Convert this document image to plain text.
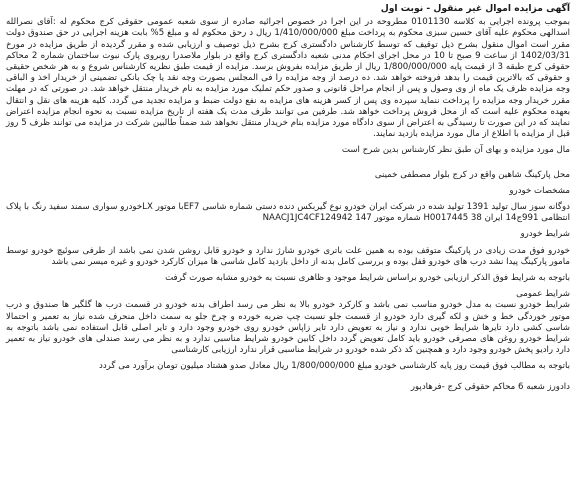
آگهی مزایده اموال غیر منقول - نوبت اول

بموجب پرونده اجرایی به کلاسه 0101130 مطروحه در این اجرا در خصوص اجرائیه صادره از سوی شعبه عمومی حقوقی کرج محکوم له :آقای نصرالله اسدالهی محکوم علیه آقای حسین سبزی محکوم به پرداخت مبلغ 1/410/000/000 ریال د رحق محکوم له و مبلغ 5% بابت هزینه اجرایی در حق صندوق دولت مقرر است اموال منقول بشرح ذیل توقیف که توسط کارشناس دادگستری کرج بشرح ذیل توصیف و ارزیابی شده و مقرر گردیده از طریق مزایده در مورخ 1402/03/31 از ساعت 9 صبح تا 10 در محل اجرای احکام مدنی شعبه دادگستری کرج واقع در بلوار ملاصدرا روبروی پارک نبوت ساختمان شماره 2 محاکم حقوقی کرج طبقه 3 از قیمت پایه 1/800/000/000 ریال از طریق مزایده بفروش برسد. مزایده از قیمت طبق نظریه کارشناس شروع و به هر شخص حقیقی و حقوقی که بالاترین قیمت را بدهد فروخته خواهد شد. ده درصد از وجه مزایده را فی المجلس بصورت وجه نقد یا چک بانکی تضمینی از خریدار اخذ و الباقی وجه مزایده ظرف یک ماه از وی وصول و پس از انجام مراحل قانونی و صدور حکم تملیک مورد مزایده به نام خریدار منتقل خواهد شد. در صورتی که در مهلت مقرر خریدار وجه مزایده را پرداخت ننماید سپرده وی پس از کسر هزینه های مزایده به نفع دولت ضبط و مزایده تجدید می گردد. کلیه هزینه های نقل و انتقال بعهده محکوم علیه است که از محل فروش پرداخت خواهد شد. طرفین می توانند ظرف مدت یک هفته از تاریخ مزایده نسبت به نحوه انجام مزایده اعتراض نمایند که در این صورت تا رسیدگی به اعتراض از سوی دادگاه مورد مزایده بنام خریدار منتقل نخواهد شد ضمناً طالبین شرکت در مزایده می توانند ظرف 5 روز قبل از مزایده با اطلاع از مال مورد مزایده بازدید نمایند.

مال مورد مزایده و بهای آن طبق نظر کارشناس بدین شرح است

محل پارکینگ شاهین واقع در کرج بلوار مصطفی خمینی

مشخصات خودرو

دوگانه سوز سال تولید 1391 تولید شده در شرکت ایران خودرو نوع گیربکس دنده دستی شماره شاسی EF7با موتور LXخودرو سواری سمند سفید رنگ با پلاک انتظامی 991ج14 ایران 38 H0017445 شماره موتور 147 NAACJ1JC4CF124942

شرایط خودرو

خودرو فوق مدت زیادی در پارکینگ متوقف بوده به همین علت باتری خودرو شارژ ندارد و خودرو قابل روشن شدن نمی باشد از طرفی سوئیچ خودرو توسط مامور پارکینگ پیدا نشد درب های خودرو قفل بوده و بررسی کامل بدنه از داخل بازدید کامل شاسی ها میزان کارکرد خودرو و غیره میسر نمی باشد

باتوجه به شرایط فوق الذکر ارزیابی خودرو براساس شرایط موجود و ظاهری نسبت به خودرو مشابه صورت گرفت

شرایط عمومی

شرایط خودرو نسبت به مدل خودرو مناسب نمی باشد و کارکرد خودرو بالا به نظر می رسد اطراف بدنه خودرو در قسمت درب ها گلگیر ها صندوق و درب موتور خوردگی خط و خش و لکه گیری دارد خودرو از قسمت جلو نسبت چپ ضربه خورده و چرخ جلو به سمت داخل منحرف شده نیاز به تعمیر و احتمالا شاسی کشی دارد تایرها شرایط خوبی ندارد و نیاز به تعویض دارد تایر زاپاس خودرو روی خودرو وجود دارد و تایر اصلی قابل استفاده نمی باشد باتوجه به شرایط خودرو روغن های مصرفی خودرو باید کامل تعویض گردد داخل کابین خودرو شرایط مناسبی ندارد و به نظر می رسد صندلی های خودرو نیاز به تعمیر دارد رادیو پخش خودرو وجود دارد و همچنین کد ذکر شده خودرو در شرایط مناسبی قرار ندارد ارزیابی کارشناسی

باتوجه به مطالب فوق قیمت روز پایه کارشناسی خودرو مبلغ 1/800/000/000 ریال معادل صدو هشتاد میلیون تومان برآورد می گردد

دادورز شعبه 6 محاکم حقوقی کرج -فرهادپور
